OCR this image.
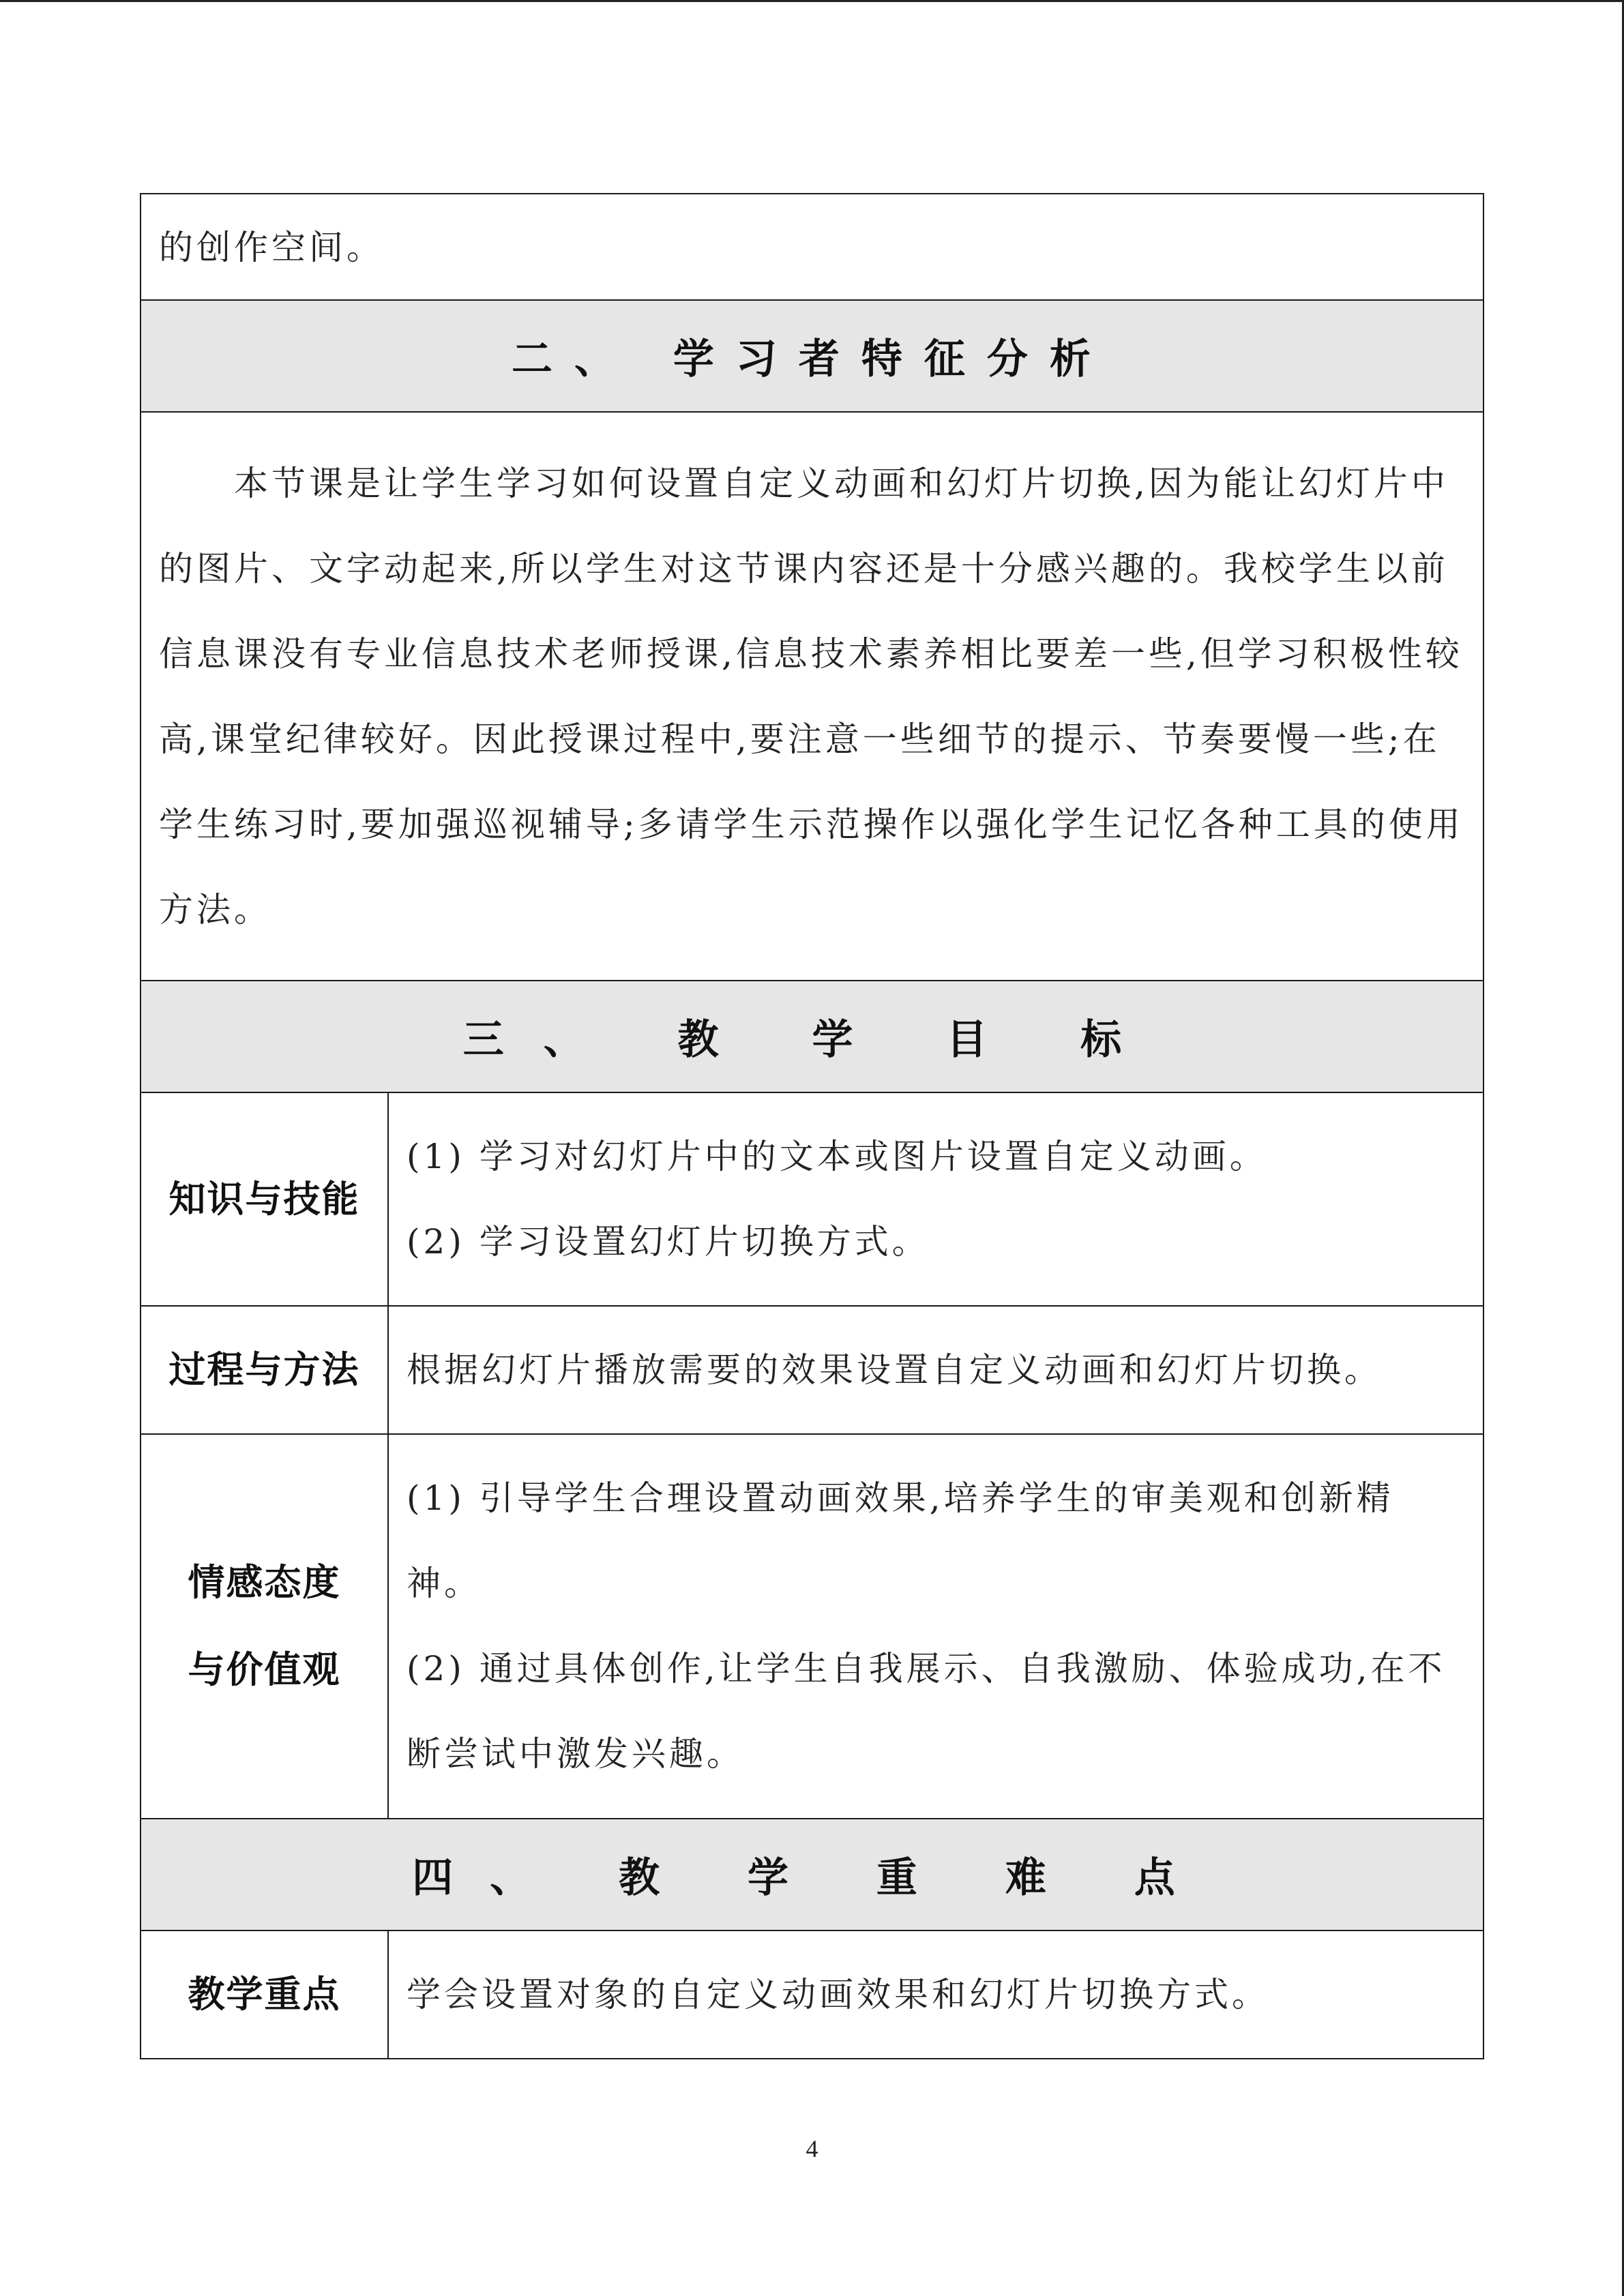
的创作空间。	
二、 学习者特征分析	
本节课是让学生学习如何设置自定义动画和幻灯片切换,因为能让幻灯片中的图片、文字动起来,所以学生对这节课内容还是十分感兴趣的。我校学生以前信息课没有专业信息技术老师授课,信息技术素养相比要差一些,但学习积极性较高,课堂纪律较好。因此授课过程中,要注意一些细节的提示、节奏要慢一些;在学生练习时,要加强巡视辅导;多请学生示范操作以强化学生记忆各种工具的使用方法。	
三、 教 学 目 标	
知识与技能	(1) 学习对幻灯片中的文本或图片设置自定义动画。
(2) 学习设置幻灯片切换方式。

过程与方法	根据幻灯片播放需要的效果设置自定义动画和幻灯片切换。

情感态度
与价值观	(1) 引导学生合理设置动画效果,培养学生的审美观和创新精神。
(2) 通过具体创作,让学生自我展示、自我激励、体验成功,在不断尝试中激发兴趣。

四、 教 学 重 难 点	
教学重点	学会设置对象的自定义动画效果和幻灯片切换方式。
4
